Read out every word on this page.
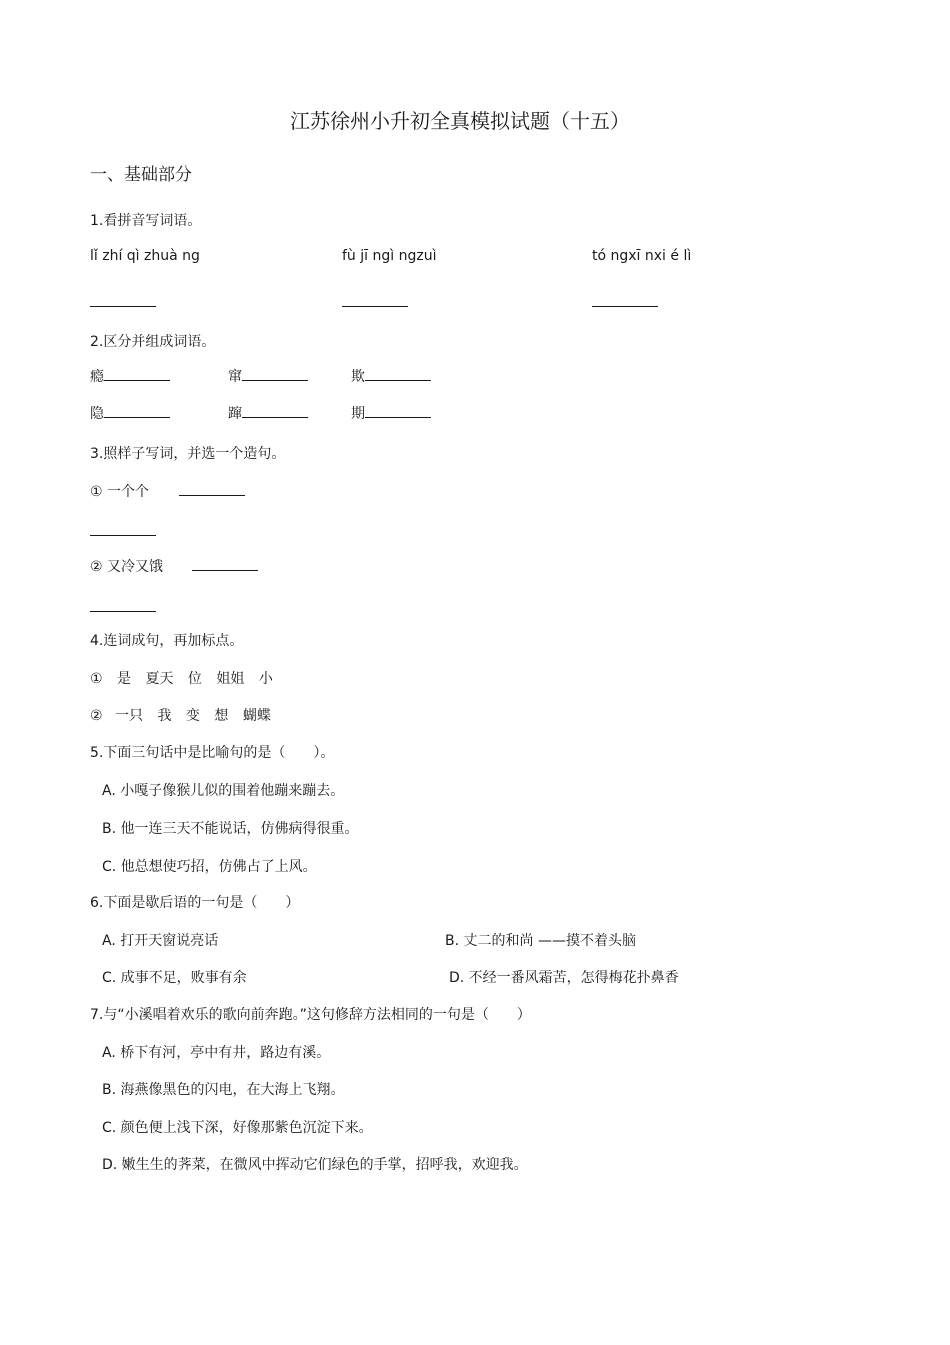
江苏徐州小升初全真模拟试题（十五）
一、基础部分
1.看拼音写词语。
lǐ zhí qì zhuà ng	fù jī ngì ngzuì	tó ngxī nxi é lì
2.区分并组成词语。
瘾	窜	欺
隐	蹿	期
3.照样子写词，并选一个造句。
① 一个个
② 又冷又饿
4.连词成句，再加标点。
① 是 夏天 位 姐姐 小
② 一只 我 变 想 蝴蝶
5.下面三句话中是比喻句的是（　　）。
A. 小嘎子像猴儿似的围着他蹦来蹦去。
B. 他一连三天不能说话，仿佛病得很重。
C. 他总想使巧招，仿佛占了上风。
6.下面是歇后语的一句是（　　）
A. 打开天窗说亮话	B. 丈二的和尚 ——摸不着头脑
C. 成事不足，败事有余	D. 不经一番风霜苦，怎得梅花扑鼻香
7.与“小溪唱着欢乐的歌向前奔跑。”这句修辞方法相同的一句是（　　）
A. 桥下有河，亭中有井，路边有溪。
B. 海燕像黑色的闪电，在大海上飞翔。
C. 颜色便上浅下深，好像那紫色沉淀下来。
D. 嫩生生的荠菜，在微风中挥动它们绿色的手掌，招呼我，欢迎我。
